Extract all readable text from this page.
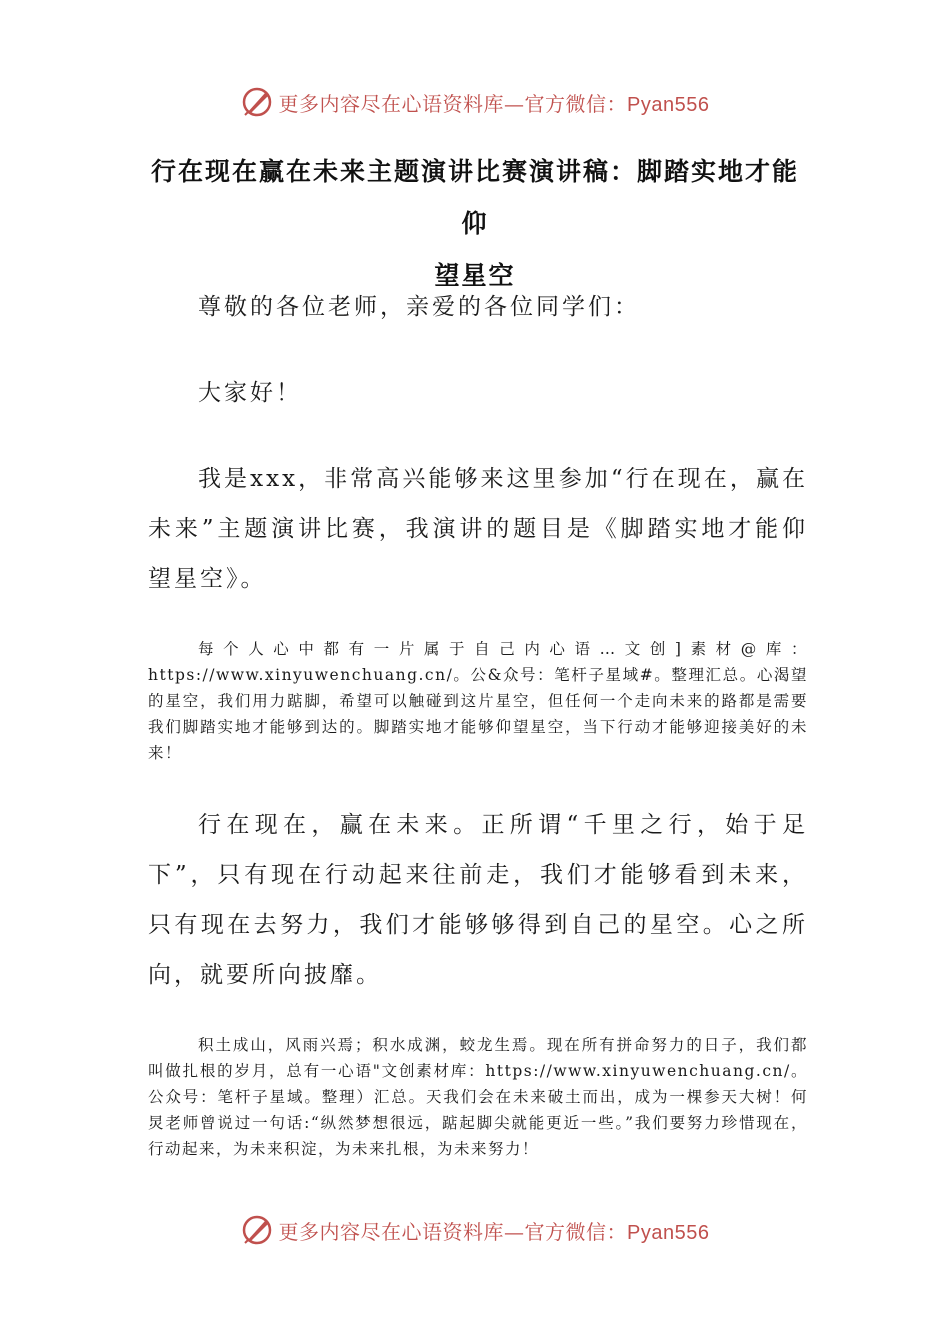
更多内容尽在心语资料库—官方微信：Pyan556
行在现在赢在未来主题演讲比赛演讲稿：脚踏实地才能仰
望星空

尊敬的各位老师，亲爱的各位同学们：

大家好！

我是xxx，非常高兴能够来这里参加“行在现在，赢在未来”主题演讲比赛，我演讲的题目是《脚踏实地才能仰望星空》。

每个人心中都有一片属于自己内心语…文创]素材@库：https://www.xinyuwenchuang.cn/。公&众号：笔杆子星域#。整理汇总。心渴望的星空，我们用力踮脚，希望可以触碰到这片星空，但任何一个走向未来的路都是需要我们脚踏实地才能够到达的。脚踏实地才能够仰望星空，当下行动才能够迎接美好的未来！

行在现在，赢在未来。正所谓“千里之行，始于足下”，只有现在行动起来往前走，我们才能够看到未来，只有现在去努力，我们才能够够得到自己的星空。心之所向，就要所向披靡。

积土成山，风雨兴焉；积水成渊，蛟龙生焉。现在所有拼命努力的日子，我们都叫做扎根的岁月，总有一心语"文创素材库：https://www.xinyuwenchuang.cn/。公众号：笔杆子星域。整理）汇总。天我们会在未来破土而出，成为一棵参天大树！何炅老师曾说过一句话:“纵然梦想很远，踮起脚尖就能更近一些。”我们要努力珍惜现在，行动起来，为未来积淀，为未来扎根，为未来努力！

更多内容尽在心语资料库—官方微信：Pyan556
